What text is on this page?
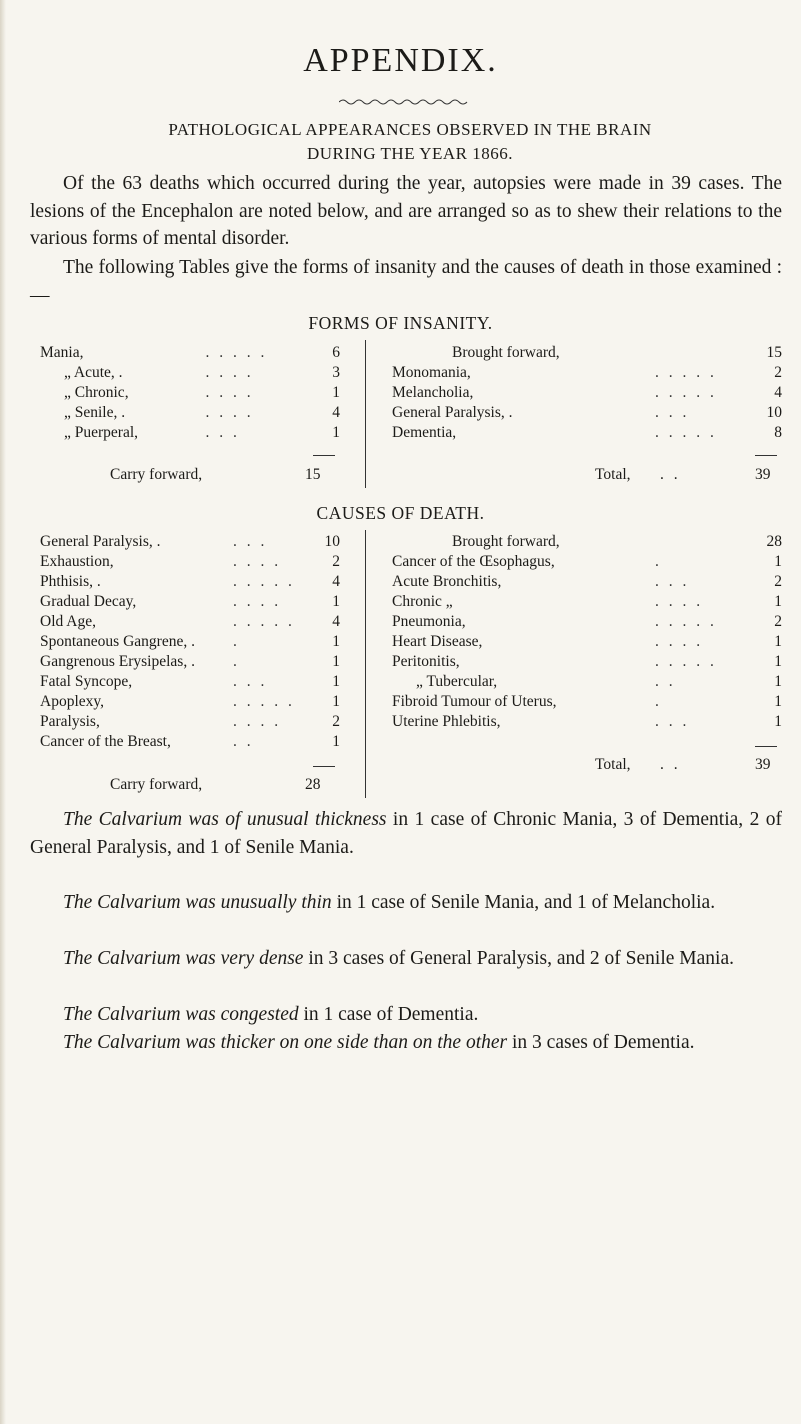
APPENDIX.
PATHOLOGICAL APPEARANCES OBSERVED IN THE BRAIN
DURING THE YEAR 1866.
Of the 63 deaths which occurred during the year, autopsies were made in 39 cases. The lesions of the Encephalon are noted below, and are arranged so as to shew their relations to the various forms of mental disorder.
The following Tables give the forms of insanity and the causes of death in those examined :—
FORMS OF INSANITY.
Mania,	. . . . .	6
„ Acute, .	. . . .	3
„ Chronic,	. . . .	1
„ Senile, .	. . . .	4
„ Puerperal,	. . .	1
Carry forward,	15
Brought forward,		15
Monomania,	. . . . .	2
Melancholia,	. . . . .	4
General Paralysis, .	. . .	10
Dementia,	. . . . .	8
Total, . .	39
CAUSES OF DEATH.
General Paralysis, .	. . .	10
Exhaustion,	. . . .	2
Phthisis, .	. . . . .	4
Gradual Decay,	. . . .	1
Old Age,	. . . . .	4
Spontaneous Gangrene, .	.	1
Gangrenous Erysipelas, .	.	1
Fatal Syncope,	. . .	1
Apoplexy,	. . . . .	1
Paralysis,	. . . .	2
Cancer of the Breast,	. .	1
Carry forward,	28
Brought forward,		28
Cancer of the Œsophagus,	.	1
Acute Bronchitis,	. . .	2
Chronic „	. . . .	1
Pneumonia,	. . . . .	2
Heart Disease,	. . . .	1
Peritonitis,	. . . . .	1
„ Tubercular,	. .	1
Fibroid Tumour of Uterus,	.	1
Uterine Phlebitis,	. . .	1
Total, . .	39
The Calvarium was of unusual thickness in 1 case of Chronic Mania, 3 of Dementia, 2 of General Paralysis, and 1 of Senile Mania.
The Calvarium was unusually thin in 1 case of Senile Mania, and 1 of Melancholia.
The Calvarium was very dense in 3 cases of General Paralysis, and 2 of Senile Mania.
The Calvarium was congested in 1 case of Dementia.
The Calvarium was thicker on one side than on the other in 3 cases of Dementia.
